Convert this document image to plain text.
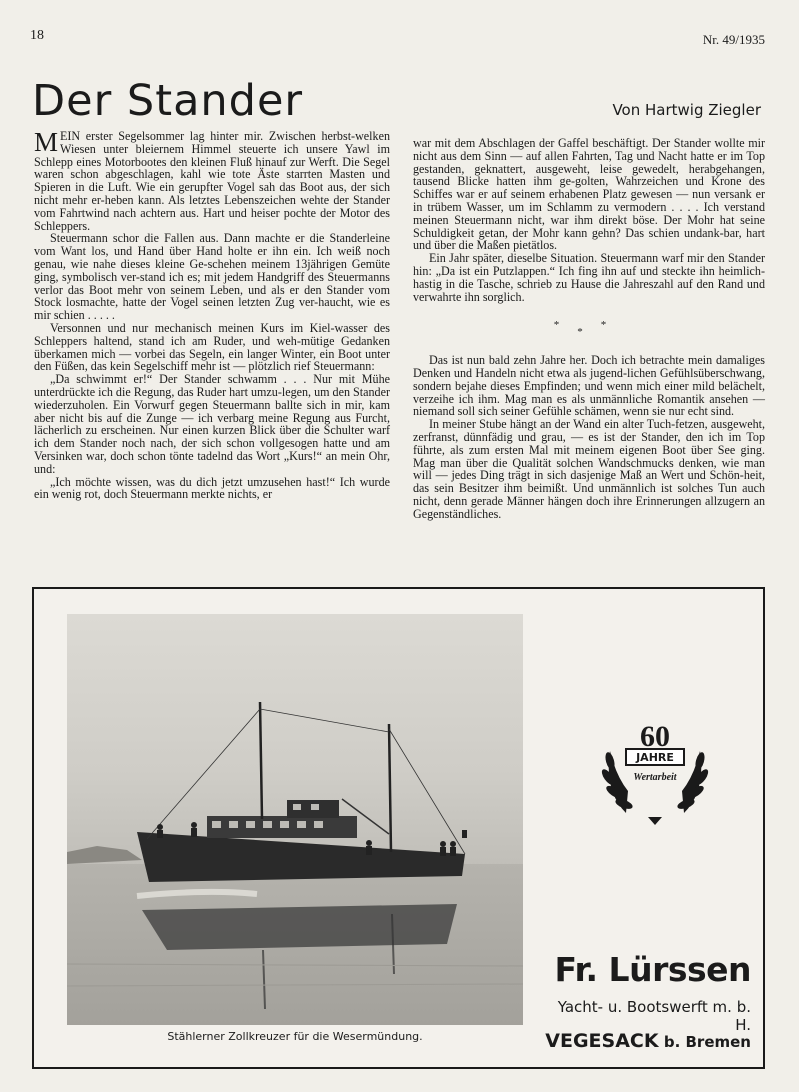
18	Nr. 49/1935
Der Stander	Von Hartwig Ziegler

MEIN erster Segelsommer lag hinter mir. Zwischen herbst-welken Wiesen unter bleiernem Himmel steuerte ich unsere Yawl im Schlepp eines Motorbootes den kleinen Fluß hinauf zur Werft. Die Segel waren schon abgeschlagen, kahl wie tote Äste starrten Masten und Spieren in die Luft. Wie ein gerupfter Vogel sah das Boot aus, der sich nicht mehr er-heben kann. Als letztes Lebenszeichen wehte der Stander vom Fahrtwind nach achtern aus. Hart und heiser pochte der Motor des Schleppers.

Steuermann schor die Fallen aus. Dann machte er die Standerleine vom Want los, und Hand über Hand holte er ihn ein. Ich weiß noch genau, wie nahe dieses kleine Ge-schehen meinem 13jährigen Gemüte ging, symbolisch ver-stand ich es; mit jedem Handgriff des Steuermanns verlor das Boot mehr von seinem Leben, und als er den Stander vom Stock losmachte, hatte der Vogel seinen letzten Zug ver-haucht, wie es mir schien . . . . .

Versonnen und nur mechanisch meinen Kurs im Kiel-wasser des Schleppers haltend, stand ich am Ruder, und weh-mütige Gedanken überkamen mich — vorbei das Segeln, ein langer Winter, ein Boot unter den Füßen, das kein Segelschiff mehr ist — plötzlich rief Steuermann:

„Da schwimmt er!“ Der Stander schwamm . . . Nur mit Mühe unterdrückte ich die Regung, das Ruder hart umzu-legen, um den Stander wiederzuholen. Ein Vorwurf gegen Steuermann ballte sich in mir, kam aber nicht bis auf die Zunge — ich verbarg meine Regung aus Furcht, lächerlich zu erscheinen. Nur einen kurzen Blick über die Schulter warf ich dem Stander noch nach, der sich schon vollgesogen hatte und am Versinken war, doch schon tönte tadelnd das Wort „Kurs!“ an mein Ohr, und:

„Ich möchte wissen, was du dich jetzt umzusehen hast!“ Ich wurde ein wenig rot, doch Steuermann merkte nichts, er

war mit dem Abschlagen der Gaffel beschäftigt. Der Stander wollte mir nicht aus dem Sinn — auf allen Fahrten, Tag und Nacht hatte er im Top gestanden, geknattert, ausgeweht, leise gewedelt, herabgehangen, tausend Blicke hatten ihm ge-golten, Wahrzeichen und Krone des Schiffes war er auf seinem erhabenen Platz gewesen — nun versank er in trübem Wasser, um im Schlamm zu vermodern . . . . Ich verstand meinen Steuermann nicht, war ihm direkt böse. Der Mohr hat seine Schuldigkeit getan, der Mohr kann gehn? Das schien undank-bar, hart und über die Maßen pietätlos.

Ein Jahr später, dieselbe Situation. Steuermann warf mir den Stander hin: „Da ist ein Putzlappen.“ Ich fing ihn auf und steckte ihn heimlich-hastig in die Tasche, schrieb zu Hause die Jahreszahl auf den Rand und verwahrte ihn sorglich.

***

Das ist nun bald zehn Jahre her. Doch ich betrachte mein damaliges Denken und Handeln nicht etwa als jugend-lichen Gefühlsüberschwang, sondern bejahe dieses Empfinden; und wenn mich einer mild belächelt, verzeihe ich ihm. Mag man es als unmännliche Romantik ansehen — niemand soll sich seiner Gefühle schämen, wenn sie nur echt sind.

In meiner Stube hängt an der Wand ein alter Tuch-fetzen, ausgeweht, zerfranst, dünnfädig und grau, — es ist der Stander, den ich im Top führte, als zum ersten Mal mit meinem eigenen Boot über See ging. Mag man über die Qualität solchen Wandschmucks denken, wie man will — jedes Ding trägt in sich dasjenige Maß an Wert und Schön-heit, das sein Besitzer ihm beimißt. Und unmännlich ist solches Tun auch nicht, denn gerade Männer hängen doch ihre Erinnerungen allzugern an Gegenständliches.

Stählerner Zollkreuzer für die Wesermündung.
60
JAHRE
Wertarbeit
Fr. Lürssen
Yacht- u. Bootswerft m. b. H.
VEGESACK b. Bremen
